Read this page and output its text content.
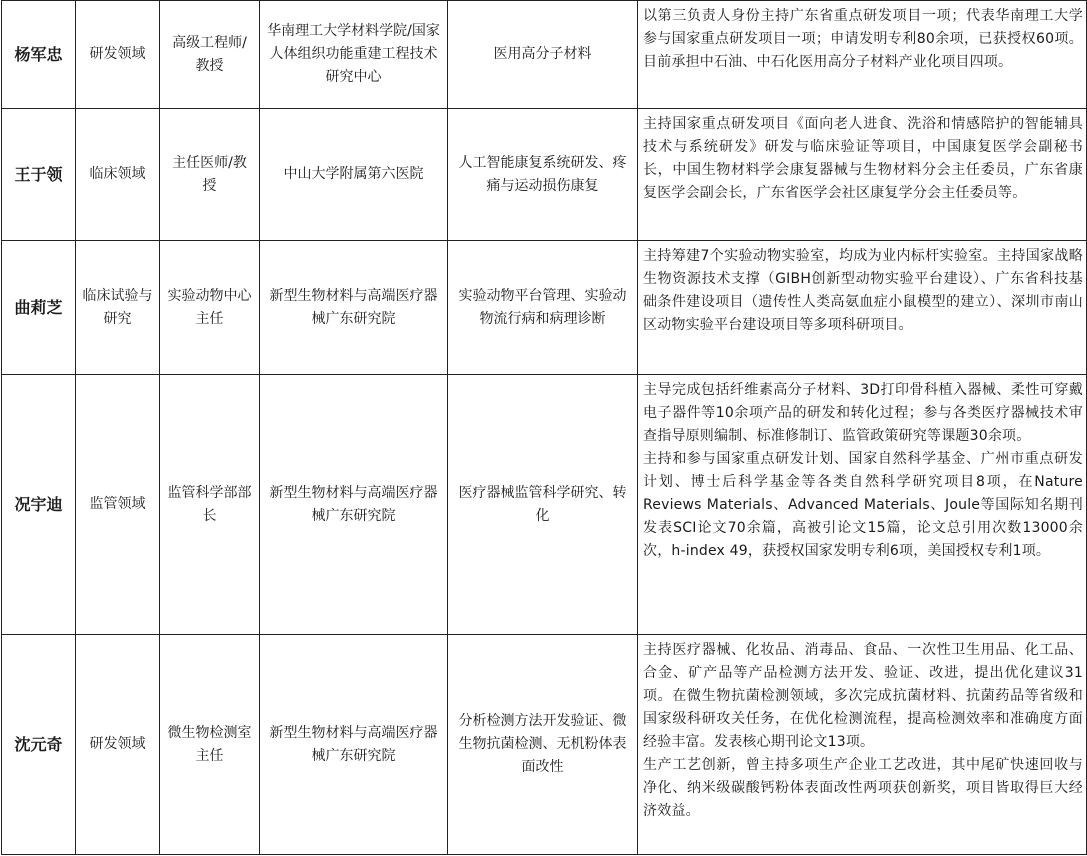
杨军忠	研发领域	高级工程师/教授	华南理工大学材料学院/国家人体组织功能重建工程技术研究中心	医用高分子材料	以第三负责人身份主持广东省重点研发项目一项；代表华南理工大学参与国家重点研发项目一项；申请发明专利80余项，已获授权60项。目前承担中石油、中石化医用高分子材料产业化项目四项。

王于领	临床领域	主任医师/教授	中山大学附属第六医院	人工智能康复系统研发、疼痛与运动损伤康复	主持国家重点研发项目《面向老人进食、洗浴和情感陪护的智能辅具技术与系统研发》研发与临床验证等项目，中国康复医学会副秘书长，中国生物材料学会康复器械与生物材料分会主任委员，广东省康复医学会副会长，广东省医学会社区康复学分会主任委员等。

曲莉芝	临床试验与研究	实验动物中心主任	新型生物材料与高端医疗器械广东研究院	实验动物平台管理、实验动物流行病和病理诊断	主持筹建7个实验动物实验室，均成为业内标杆实验室。主持国家战略生物资源技术支撑（GIBH创新型动物实验平台建设）、广东省科技基础条件建设项目（遗传性人类高氨血症小鼠模型的建立）、深圳市南山区动物实验平台建设项目等多项科研项目。

况宇迪	监管领域	监管科学部部长	新型生物材料与高端医疗器械广东研究院	医疗器械监管科学研究、转化	主导完成包括纤维素高分子材料、3D打印骨科植入器械、柔性可穿戴电子器件等10余项产品的研发和转化过程；参与各类医疗器械技术审查指导原则编制、标准修制订、监管政策研究等课题30余项。
主持和参与国家重点研发计划、国家自然科学基金、广州市重点研发计划、博士后科学基金等各类自然科学研究项目8项，在Nature Reviews Materials、Advanced Materials、Joule等国际知名期刊发表SCI论文70余篇，高被引论文15篇，论文总引用次数13000余次，h-index 49，获授权国家发明专利6项，美国授权专利1项。

沈元奇	研发领域	微生物检测室主任	新型生物材料与高端医疗器械广东研究院	分析检测方法开发验证、微生物抗菌检测、无机粉体表面改性	主持医疗器械、化妆品、消毒品、食品、一次性卫生用品、化工品、合金、矿产品等产品检测方法开发、验证、改进，提出优化建议31项。在微生物抗菌检测领域，多次完成抗菌材料、抗菌药品等省级和国家级科研攻关任务，在优化检测流程，提高检测效率和准确度方面经验丰富。发表核心期刊论文13项。
生产工艺创新，曾主持多项生产企业工艺改进，其中尾矿快速回收与净化、纳米级碳酸钙粉体表面改性两项获创新奖，项目皆取得巨大经济效益。
